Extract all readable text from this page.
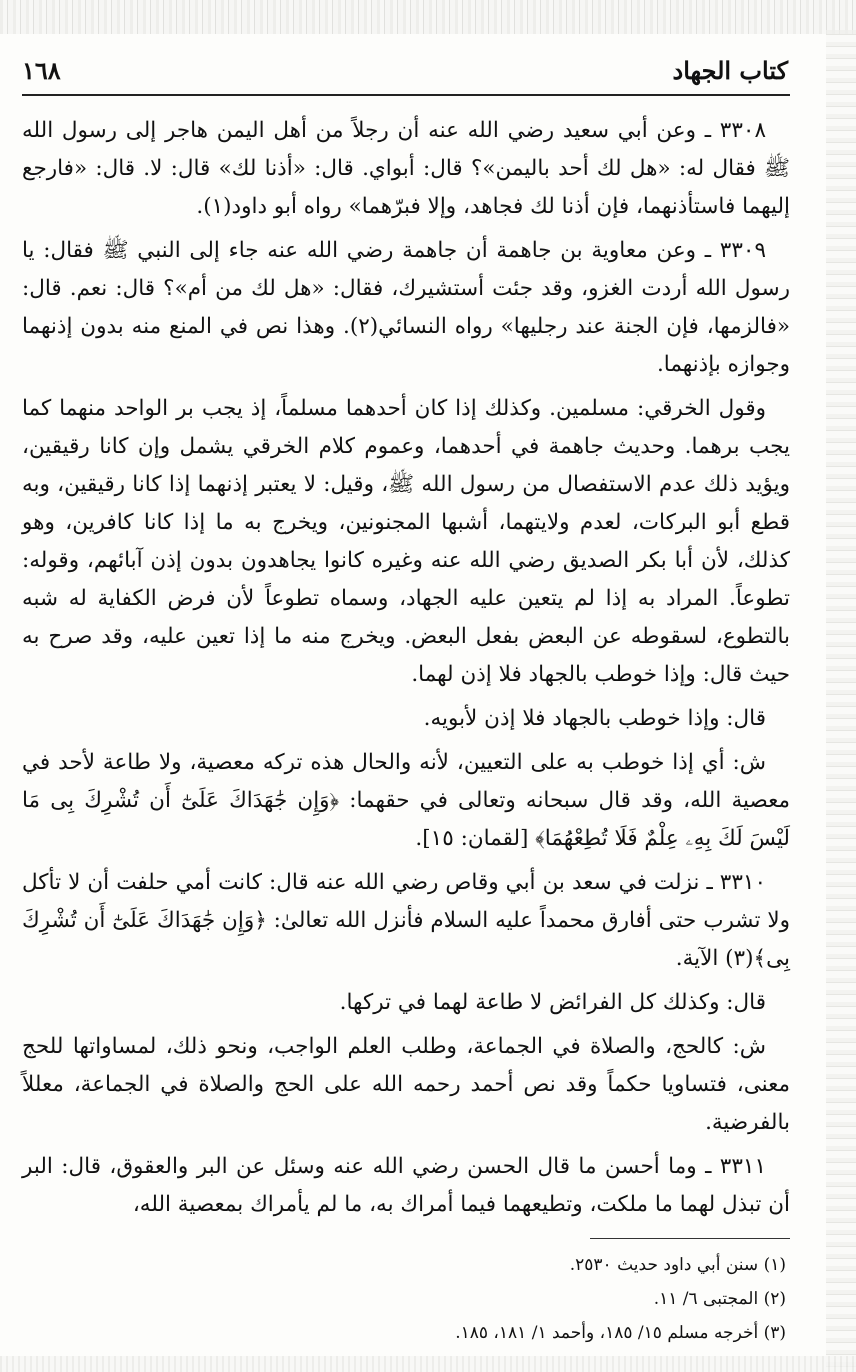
كتاب الجهاد
١٦٨

٣٣٠٨ ـ وعن أبي سعيد رضي الله عنه أن رجلاً من أهل اليمن هاجر إلى رسول الله ﷺ فقال له: «هل لك أحد باليمن»؟ قال: أبواي. قال: «أذنا لك» قال: لا. قال: «فارجع إليهما فاستأذنهما، فإن أذنا لك فجاهد، وإلا فبرّهما» رواه أبو داود(١).

٣٣٠٩ ـ وعن معاوية بن جاهمة أن جاهمة رضي الله عنه جاء إلى النبي ﷺ فقال: يا رسول الله أردت الغزو، وقد جئت أستشيرك، فقال: «هل لك من أم»؟ قال: نعم. قال: «فالزمها، فإن الجنة عند رجليها» رواه النسائي(٢). وهذا نص في المنع منه بدون إذنهما وجوازه بإذنهما.

وقول الخرقي: مسلمين. وكذلك إذا كان أحدهما مسلماً، إذ يجب بر الواحد منهما كما يجب برهما. وحديث جاهمة في أحدهما، وعموم كلام الخرقي يشمل وإن كانا رقيقين، ويؤيد ذلك عدم الاستفصال من رسول الله ﷺ، وقيل: لا يعتبر إذنهما إذا كانا رقيقين، وبه قطع أبو البركات، لعدم ولايتهما، أشبها المجنونين، ويخرج به ما إذا كانا كافرين، وهو كذلك، لأن أبا بكر الصديق رضي الله عنه وغيره كانوا يجاهدون بدون إذن آبائهم، وقوله: تطوعاً. المراد به إذا لم يتعين عليه الجهاد، وسماه تطوعاً لأن فرض الكفاية له شبه بالتطوع، لسقوطه عن البعض بفعل البعض. ويخرج منه ما إذا تعين عليه، وقد صرح به حيث قال: وإذا خوطب بالجهاد فلا إذن لهما.

قال: وإذا خوطب بالجهاد فلا إذن لأبويه.

ش: أي إذا خوطب به على التعيين، لأنه والحال هذه تركه معصية، ولا طاعة لأحد في معصية الله، وقد قال سبحانه وتعالى في حقهما: ﴿وَإِن جَٰهَدَاكَ عَلَىٰٓ أَن تُشْرِكَ بِى مَا لَيْسَ لَكَ بِهِۦ عِلْمٌ فَلَا تُطِعْهُمَا﴾ [لقمان: ١٥].

٣٣١٠ ـ نزلت في سعد بن أبي وقاص رضي الله عنه قال: كانت أمي حلفت أن لا تأكل ولا تشرب حتى أفارق محمداً عليه السلام فأنزل الله تعالىٰ: ﴿وَإِن جَٰهَدَاكَ عَلَىٰٓ أَن تُشْرِكَ بِى﴾(٣) الآية.

قال: وكذلك كل الفرائض لا طاعة لهما في تركها.

ش: كالحج، والصلاة في الجماعة، وطلب العلم الواجب، ونحو ذلك، لمساواتها للحج معنى، فتساويا حكماً وقد نص أحمد رحمه الله على الحج والصلاة في الجماعة، معللاً بالفرضية.

٣٣١١ ـ وما أحسن ما قال الحسن رضي الله عنه وسئل عن البر والعقوق، قال: البر أن تبذل لهما ما ملكت، وتطيعهما فيما أمراك به، ما لم يأمراك بمعصية الله،

(١) سنن أبي داود حديث ٢٥٣٠.

(٢) المجتبى ٦/ ١١.

(٣) أخرجه مسلم ١٥/ ١٨٥، وأحمد ١/ ١٨١، ١٨٥.
